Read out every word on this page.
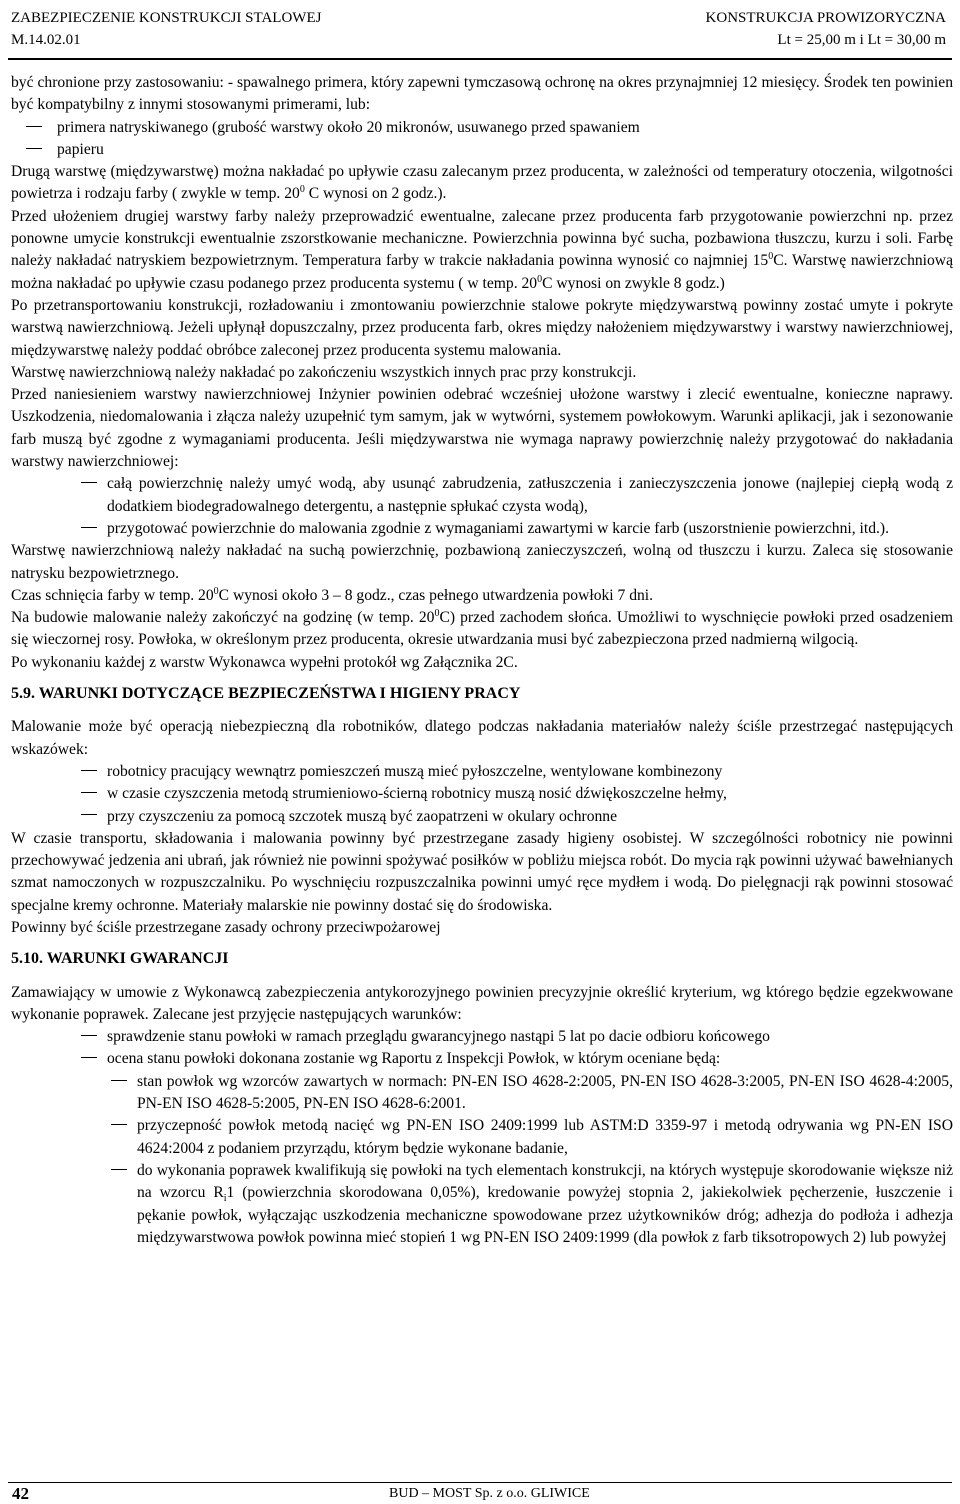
ZABEZPIECZENIE KONSTRUKCJI STALOWEJ
M.14.02.01
KONSTRUKCJA PROWIZORYCZNA
Lt = 25,00 m i Lt = 30,00 m

być chronione przy zastosowaniu: - spawalnego primera, który zapewni tymczasową ochronę na okres przynajmniej 12 miesięcy. Środek ten powinien być kompatybilny z innymi stosowanymi primerami, lub:

primera natryskiwanego (grubość warstwy około 20 mikronów, usuwanego przed spawaniem
papieru

Drugą warstwę (międzywarstwę) można nakładać po upływie czasu zalecanym przez producenta, w zależności od temperatury otoczenia, wilgotności powietrza i rodzaju farby ( zwykle w temp. $20^0$ C wynosi on 2 godz.).

Przed ułożeniem drugiej warstwy farby należy przeprowadzić ewentualne, zalecane przez producenta farb przygotowanie powierzchni np. przez ponowne umycie konstrukcji ewentualnie zszorstkowanie mechaniczne. Powierzchnia powinna być sucha, pozbawiona tłuszczu, kurzu i soli. Farbę należy nakładać natryskiem bezpowietrznym. Temperatura farby w trakcie nakładania powinna wynosić co najmniej $15^0C$. Warstwę nawierzchniową można nakładać po upływie czasu podanego przez producenta systemu ( w temp. $20^0C$ wynosi on zwykle 8 godz.)

Po przetransportowaniu konstrukcji, rozładowaniu i zmontowaniu powierzchnie stalowe pokryte międzywarstwą powinny zostać umyte i pokryte warstwą nawierzchniową. Jeżeli upłynął dopuszczalny, przez producenta farb, okres między nałożeniem międzywarstwy i warstwy nawierzchniowej, międzywarstwę należy poddać obróbce zaleconej przez producenta systemu malowania.

Warstwę nawierzchniową należy nakładać po zakończeniu wszystkich innych prac przy konstrukcji.

Przed naniesieniem warstwy nawierzchniowej Inżynier powinien odebrać wcześniej ułożone warstwy i zlecić ewentualne, konieczne naprawy. Uszkodzenia, niedomalowania i złącza należy uzupełnić tym samym, jak w wytwórni, systemem powłokowym. Warunki aplikacji, jak i sezonowanie farb muszą być zgodne z wymaganiami producenta. Jeśli międzywarstwa nie wymaga naprawy powierzchnię należy przygotować do nakładania warstwy nawierzchniowej:

całą powierzchnię należy umyć wodą, aby usunąć zabrudzenia, zatłuszczenia i zanieczyszczenia jonowe (najlepiej ciepłą wodą z dodatkiem biodegradowalnego detergentu, a następnie spłukać czysta wodą),
przygotować powierzchnie do malowania zgodnie z wymaganiami zawartymi w karcie farb (uszorstnienie powierzchni, itd.).

Warstwę nawierzchniową należy nakładać na suchą powierzchnię, pozbawioną zanieczyszczeń, wolną od tłuszczu i kurzu. Zaleca się stosowanie natrysku bezpowietrznego.

Czas schnięcia farby w temp. $20^0C$ wynosi około 3 – 8 godz., czas pełnego utwardzenia powłoki 7 dni.

Na budowie malowanie należy zakończyć na godzinę (w temp. $20^0C$) przed zachodem słońca. Umożliwi to wyschnięcie powłoki przed osadzeniem się wieczornej rosy. Powłoka, w określonym przez producenta, okresie utwardzania musi być zabezpieczona przed nadmierną wilgocią.

Po wykonaniu każdej z warstw Wykonawca wypełni protokół wg Załącznika 2C.

5.9. WARUNKI DOTYCZĄCE BEZPIECZEŃSTWA I HIGIENY PRACY

Malowanie może być operacją niebezpieczną dla robotników, dlatego podczas nakładania materiałów należy ściśle przestrzegać następujących wskazówek:

robotnicy pracujący wewnątrz pomieszczeń muszą mieć pyłoszczelne, wentylowane kombinezony
w czasie czyszczenia metodą strumieniowo-ścierną robotnicy muszą nosić dźwiękoszczelne hełmy,
przy czyszczeniu za pomocą szczotek muszą być zaopatrzeni w okulary ochronne

W czasie transportu, składowania i malowania powinny być przestrzegane zasady higieny osobistej. W szczególności robotnicy nie powinni przechowywać jedzenia ani ubrań, jak również nie powinni spożywać posiłków w pobliżu miejsca robót. Do mycia rąk powinni używać bawełnianych szmat namoczonych w rozpuszczalniku. Po wyschnięciu rozpuszczalnika powinni umyć ręce mydłem i wodą. Do pielęgnacji rąk powinni stosować specjalne kremy ochronne. Materiały malarskie nie powinny dostać się do środowiska.

Powinny być ściśle przestrzegane zasady ochrony przeciwpożarowej

5.10. WARUNKI GWARANCJI

Zamawiający w umowie z Wykonawcą zabezpieczenia antykorozyjnego powinien precyzyjnie określić kryterium, wg którego będzie egzekwowane wykonanie poprawek. Zalecane jest przyjęcie następujących warunków:

sprawdzenie stanu powłoki w ramach przeglądu gwarancyjnego nastąpi 5 lat po dacie odbioru końcowego
ocena stanu powłoki dokonana zostanie wg Raportu z Inspekcji Powłok, w którym oceniane będą:
stan powłok wg wzorców zawartych w normach: PN-EN ISO 4628-2:2005, PN-EN ISO 4628-3:2005, PN-EN ISO 4628-4:2005, PN-EN ISO 4628-5:2005, PN-EN ISO 4628-6:2001.
przyczepność powłok metodą nacięć wg PN-EN ISO 2409:1999 lub ASTM:D 3359-97 i metodą odrywania wg PN-EN ISO 4624:2004 z podaniem przyrządu, którym będzie wykonane badanie,
do wykonania poprawek kwalifikują się powłoki na tych elementach konstrukcji, na których występuje skorodowanie większe niż na wzorcu $R_i1$ (powierzchnia skorodowana 0,05%), kredowanie powyżej stopnia 2, jakiekolwiek pęcherzenie, łuszczenie i pękanie powłok, wyłączając uszkodzenia mechaniczne spowodowane przez użytkowników dróg; adhezja do podłoża i adhezja międzywarstwowa powłok powinna mieć stopień 1 wg PN-EN ISO 2409:1999 (dla powłok z farb tiksotropowych 2) lub powyżej
42	BUD – MOST Sp. z o.o. GLIWICE
